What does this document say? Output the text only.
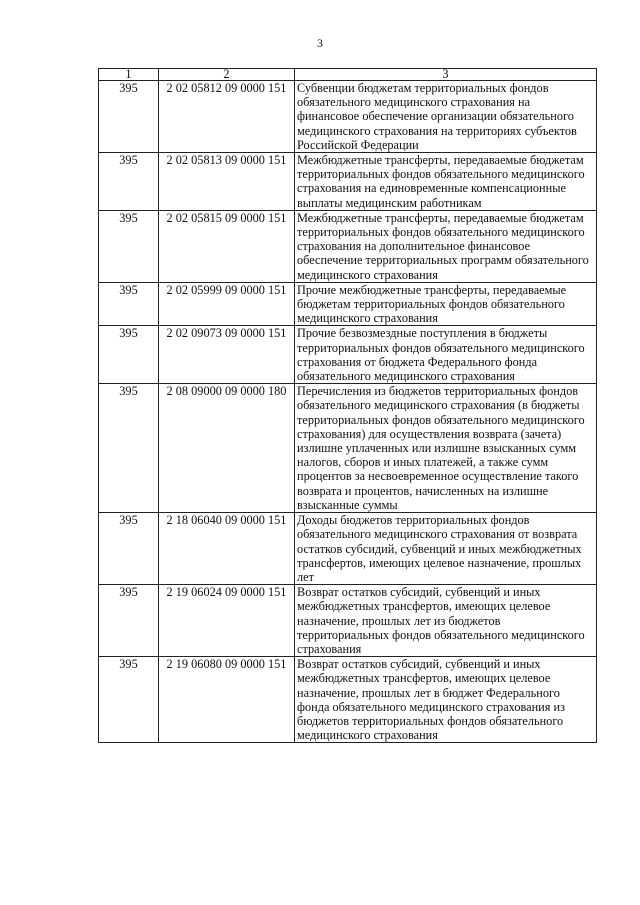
3
1	2	3
395	2 02 05812 09 0000 151	Субвенции бюджетам территориальных фондов обязательного медицинского страхования на финансовое обеспечение организации обязательного медицинского страхования на территориях субъектов Российской Федерации
395	2 02 05813 09 0000 151	Межбюджетные трансферты, передаваемые бюджетам территориальных фондов обязательного медицинского страхования на единовременные компенсационные выплаты медицинским работникам
395	2 02 05815 09 0000 151	Межбюджетные трансферты, передаваемые бюджетам территориальных фондов обязательного медицинского страхования на дополнительное финансовое обеспечение территориальных программ обязательного медицинского страхования
395	2 02 05999 09 0000 151	Прочие межбюджетные трансферты, передаваемые бюджетам территориальных фондов обязательного медицинского страхования
395	2 02 09073 09 0000 151	Прочие безвозмездные поступления в бюджеты территориальных фондов обязательного медицинского страхования от бюджета Федерального фонда обязательного медицинского страхования
395	2 08 09000 09 0000 180	Перечисления из бюджетов территориальных фондов обязательного медицинского страхования (в бюджеты территориальных фондов обязательного медицинского страхования) для осуществления возврата (зачета) излишне уплаченных или излишне взысканных сумм налогов, сборов и иных платежей, а также сумм процентов за несвоевременное осуществление такого возврата и процентов, начисленных на излишне взысканные суммы
395	2 18 06040 09 0000 151	Доходы бюджетов территориальных фондов обязательного медицинского страхования от возврата остатков субсидий, субвенций и иных межбюджетных трансфертов, имеющих целевое назначение, прошлых лет
395	2 19 06024 09 0000 151	Возврат остатков субсидий, субвенций и иных межбюджетных трансфертов, имеющих целевое назначение, прошлых лет из бюджетов территориальных фондов обязательного медицинского страхования
395	2 19 06080 09 0000 151	Возврат остатков субсидий, субвенций и иных межбюджетных трансфертов, имеющих целевое назначение, прошлых лет в бюджет Федерального фонда обязательного медицинского страхования из бюджетов территориальных фондов обязательного медицинского страхования
